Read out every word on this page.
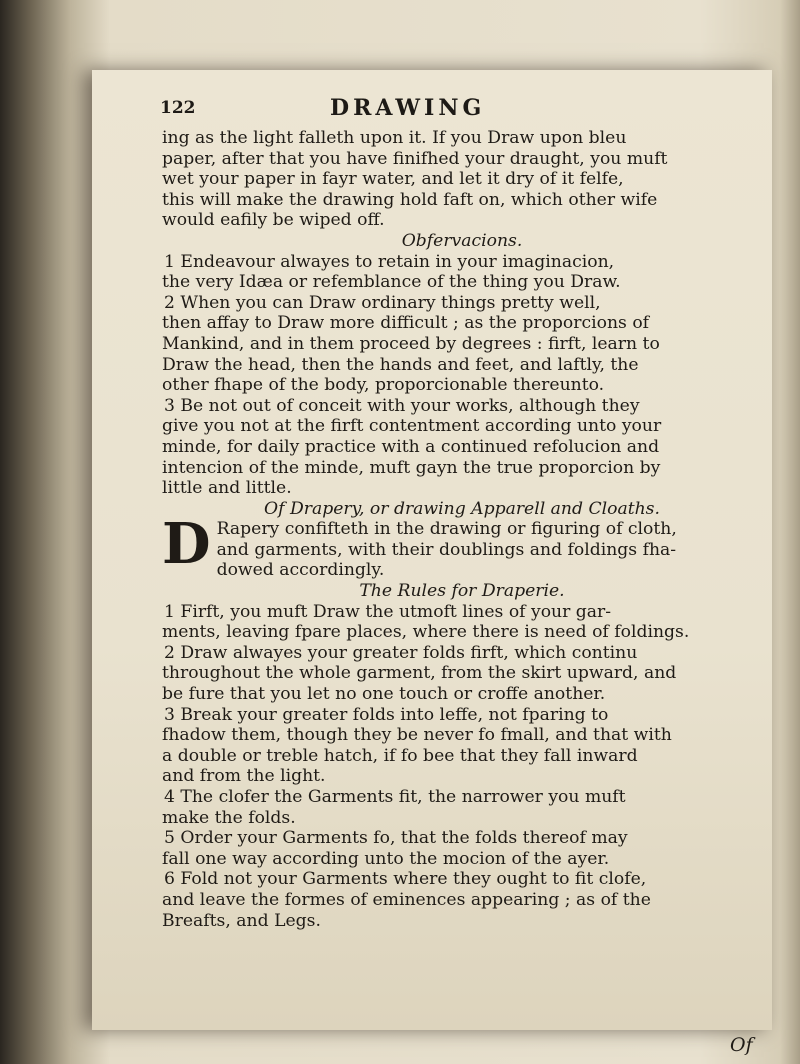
122	DRAWING

ing as the light falleth upon it. If you Draw upon bleu

paper, after that you have finifhed your draught, you muft

wet your paper in fayr water, and let it dry of it felfe,

this will make the drawing hold faft on, which other wife

would eafily be wiped off.

Obfervacions.

1 Endeavour alwayes to retain in your imaginacion,

the very Idæa or refemblance of the thing you Draw.

2 When you can Draw ordinary things pretty well,

then affay to Draw more difficult ; as the proporcions of

Mankind, and in them proceed by degrees : firft, learn to

Draw the head, then the hands and feet, and laftly, the

other fhape of the body, proporcionable thereunto.

3 Be not out of conceit with your works, although they

give you not at the firft contentment according unto your

minde, for daily practice with a continued refolucion and

intencion of the minde, muft gayn the true proporcion by

little and little.

Of Drapery, or drawing Apparell and Cloaths.

D Rapery confifteth in the drawing or figuring of cloth,

and garments, with their doublings and foldings fha-

dowed accordingly.

The Rules for Draperie.

1 Firft, you muft Draw the utmoft lines of your gar-

ments, leaving fpare places, where there is need of foldings.

2 Draw alwayes your greater folds firft, which continu

throughout the whole garment, from the skirt upward, and

be fure that you let no one touch or croffe another.

3 Break your greater folds into leffe, not fparing to

fhadow them, though they be never fo fmall, and that with

a double or treble hatch, if fo bee that they fall inward

and from the light.

4 The clofer the Garments fit, the narrower you muft

make the folds.

5 Order your Garments fo, that the folds thereof may

fall one way according unto the mocion of the ayer.

6 Fold not your Garments where they ought to fit clofe,

and leave the formes of eminences appearing ; as of the

Breafts, and Legs.

Of
